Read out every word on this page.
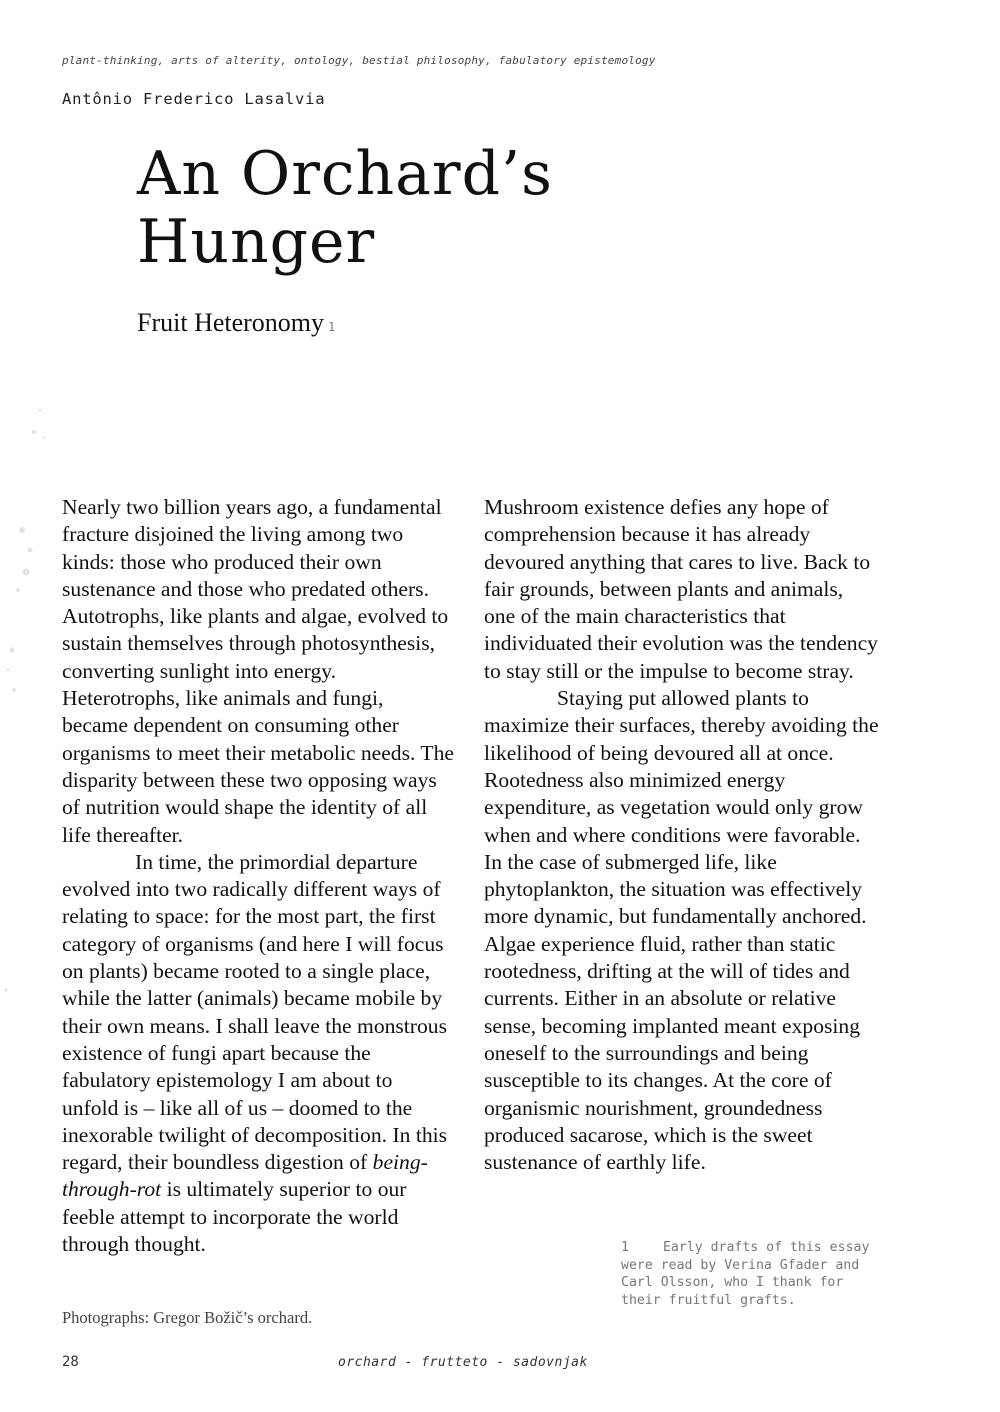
plant-thinking, arts of alterity, ontology, bestial philosophy, fabulatory epistemology
Antônio Frederico Lasalvia
An Orchard’s
Hunger
Fruit Heteronomy 1

Nearly two billion years ago, a fundamental fracture disjoined the living among two kinds: those who produced their own sustenance and those who predated others. Autotrophs, like plants and algae, evolved to sustain themselves through photosynthesis, converting sunlight into energy. Heterotrophs, like animals and fungi, became dependent on consuming other organisms to meet their metabolic needs. The disparity between these two opposing ways of nutrition would shape the identity of all life thereafter.

In time, the primordial departure evolved into two radically different ways of relating to space: for the most part, the first category of organisms (and here I will focus on plants) became rooted to a single place, while the latter (animals) became mobile by their own means. I shall leave the monstrous existence of fungi apart because the fabulatory epistemology I am about to unfold is – like all of us – doomed to the inexorable twilight of decomposition. In this regard, their boundless digestion of being-through-rot is ultimately superior to our feeble attempt to incorporate the world through thought.

Mushroom existence defies any hope of comprehension because it has already devoured anything that cares to live. Back to fair grounds, between plants and animals, one of the main characteristics that individuated their evolution was the tendency to stay still or the impulse to become stray.

Staying put allowed plants to maximize their surfaces, thereby avoiding the likelihood of being devoured all at once. Rootedness also minimized energy expenditure, as vegetation would only grow when and where conditions were favorable. In the case of submerged life, like phytoplankton, the situation was effectively more dynamic, but fundamentally anchored. Algae experience fluid, rather than static rootedness, drifting at the will of tides and currents. Either in an absolute or relative sense, becoming implanted meant exposing oneself to the surroundings and being susceptible to its changes. At the core of organismic nourishment, groundedness produced sacarose, which is the sweet sustenance of earthly life.

1	Early drafts of this essay were read by Verina Gfader and Carl Olsson, who I thank for their fruitful grafts.
Photographs: Gregor Božič’s orchard.
28	orchard - frutteto - sadovnjak
